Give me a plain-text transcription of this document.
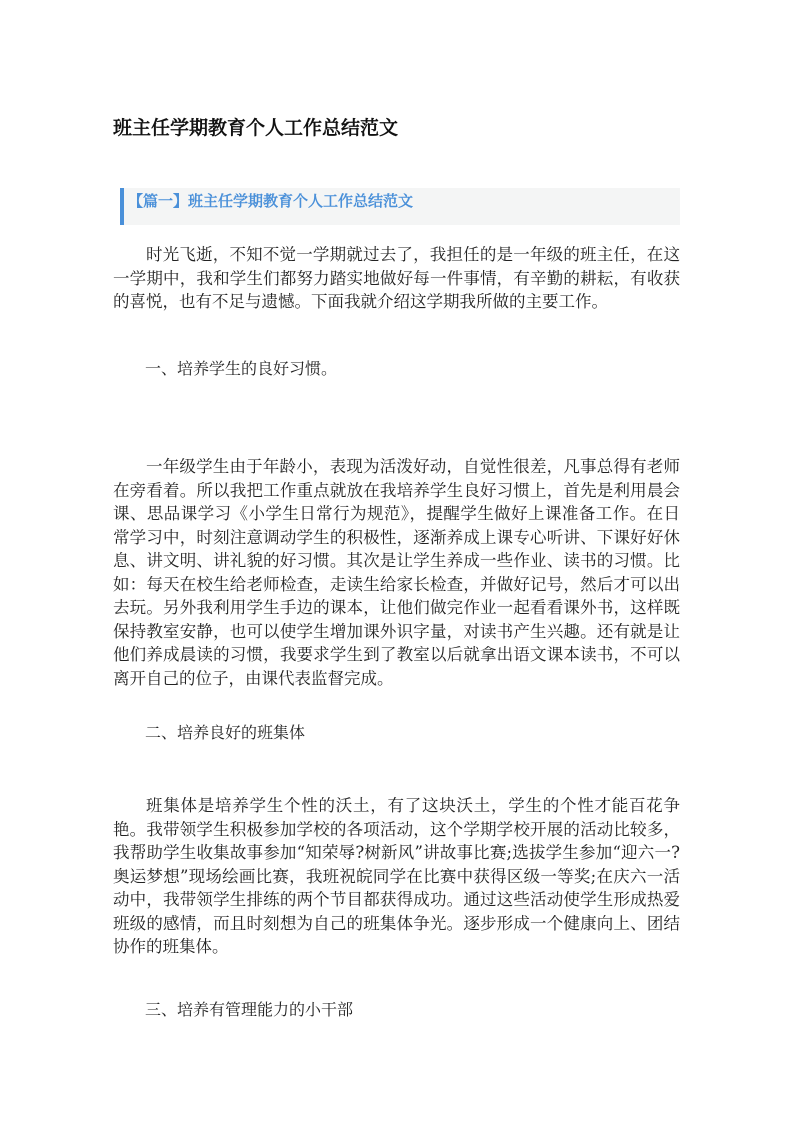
班主任学期教育个人工作总结范文
【篇一】班主任学期教育个人工作总结范文

时光飞逝，不知不觉一学期就过去了，我担任的是一年级的班主任，在这一学期中，我和学生们都努力踏实地做好每一件事情，有辛勤的耕耘，有收获的喜悦，也有不足与遗憾。下面我就介绍这学期我所做的主要工作。

一、培养学生的良好习惯。

一年级学生由于年龄小，表现为活泼好动，自觉性很差，凡事总得有老师在旁看着。所以我把工作重点就放在我培养学生良好习惯上，首先是利用晨会课、思品课学习《小学生日常行为规范》，提醒学生做好上课准备工作。在日常学习中，时刻注意调动学生的积极性，逐渐养成上课专心听讲、下课好好休息、讲文明、讲礼貌的好习惯。其次是让学生养成一些作业、读书的习惯。比如：每天在校生给老师检查，走读生给家长检查，并做好记号，然后才可以出去玩。另外我利用学生手边的课本，让他们做完作业一起看看课外书，这样既保持教室安静，也可以使学生增加课外识字量，对读书产生兴趣。还有就是让他们养成晨读的习惯，我要求学生到了教室以后就拿出语文课本读书，不可以离开自己的位子，由课代表监督完成。

二、培养良好的班集体

班集体是培养学生个性的沃土，有了这块沃土，学生的个性才能百花争艳。我带领学生积极参加学校的各项活动，这个学期学校开展的活动比较多，我帮助学生收集故事参加“知荣辱?树新风”讲故事比赛;选拔学生参加“迎六一?奥运梦想”现场绘画比赛，我班祝皖同学在比赛中获得区级一等奖;在庆六一活动中，我带领学生排练的两个节目都获得成功。通过这些活动使学生形成热爱班级的感情，而且时刻想为自己的班集体争光。逐步形成一个健康向上、团结协作的班集体。

三、培养有管理能力的小干部
